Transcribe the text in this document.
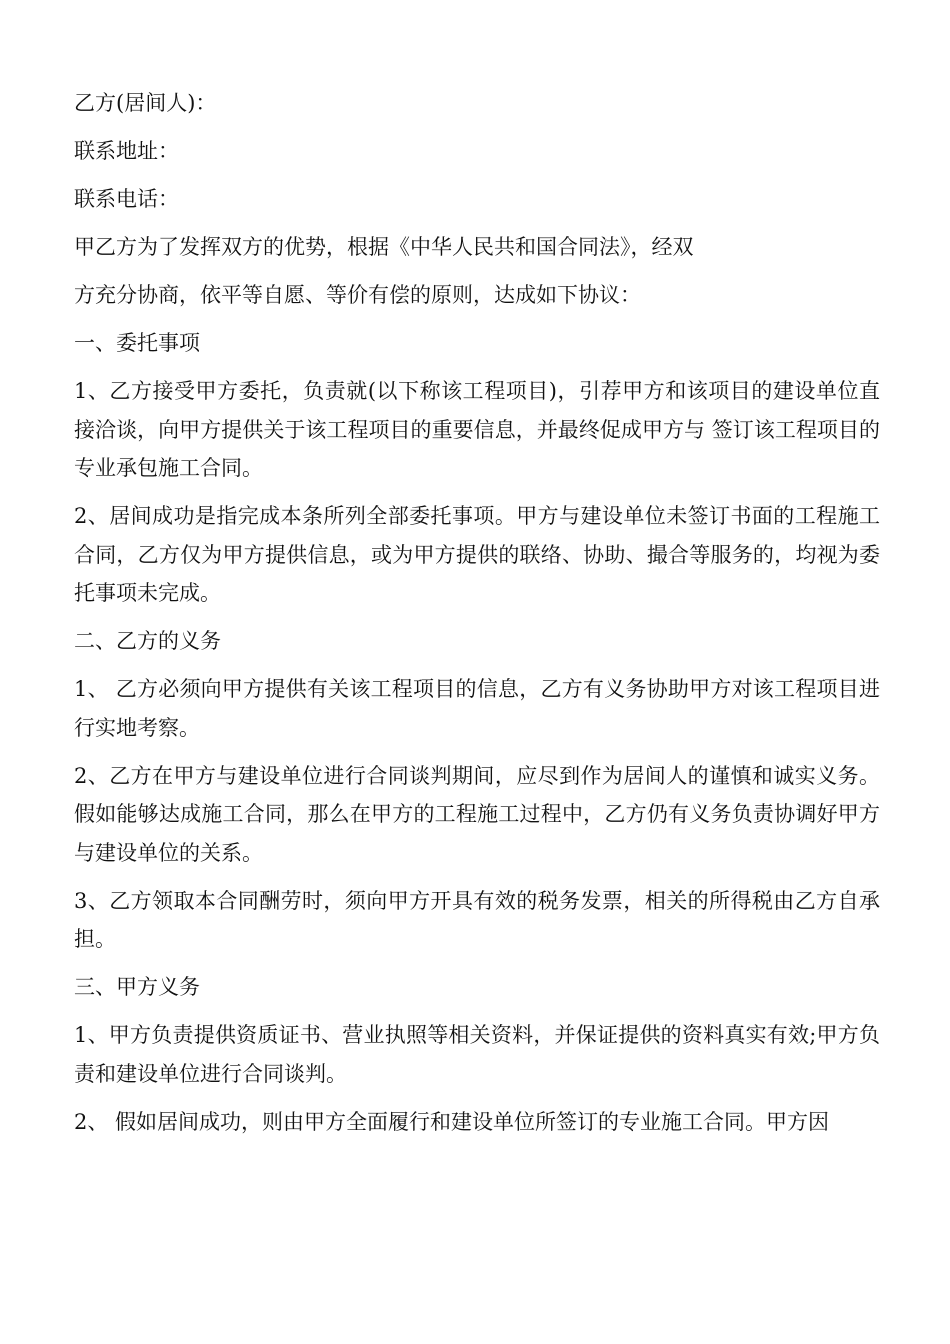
乙方(居间人)：

联系地址：

联系电话：

甲乙方为了发挥双方的优势，根据《中华人民共和国合同法》，经双

方充分协商，依平等自愿、等价有偿的原则，达成如下协议：

一、委托事项

1、乙方接受甲方委托，负责就(以下称该工程项目)，引荐甲方和该项目的建设单位直接洽谈，向甲方提供关于该工程项目的重要信息，并最终促成甲方与 签订该工程项目的专业承包施工合同。

2、居间成功是指完成本条所列全部委托事项。甲方与建设单位未签订书面的工程施工合同，乙方仅为甲方提供信息，或为甲方提供的联络、协助、撮合等服务的，均视为委托事项未完成。

二、乙方的义务

1、 乙方必须向甲方提供有关该工程项目的信息，乙方有义务协助甲方对该工程项目进行实地考察。

2、乙方在甲方与建设单位进行合同谈判期间，应尽到作为居间人的谨慎和诚实义务。假如能够达成施工合同，那么在甲方的工程施工过程中，乙方仍有义务负责协调好甲方与建设单位的关系。

3、乙方领取本合同酬劳时，须向甲方开具有效的税务发票，相关的所得税由乙方自承担。

三、甲方义务

1、甲方负责提供资质证书、营业执照等相关资料，并保证提供的资料真实有效;甲方负责和建设单位进行合同谈判。

2、 假如居间成功，则由甲方全面履行和建设单位所签订的专业施工合同。甲方因
